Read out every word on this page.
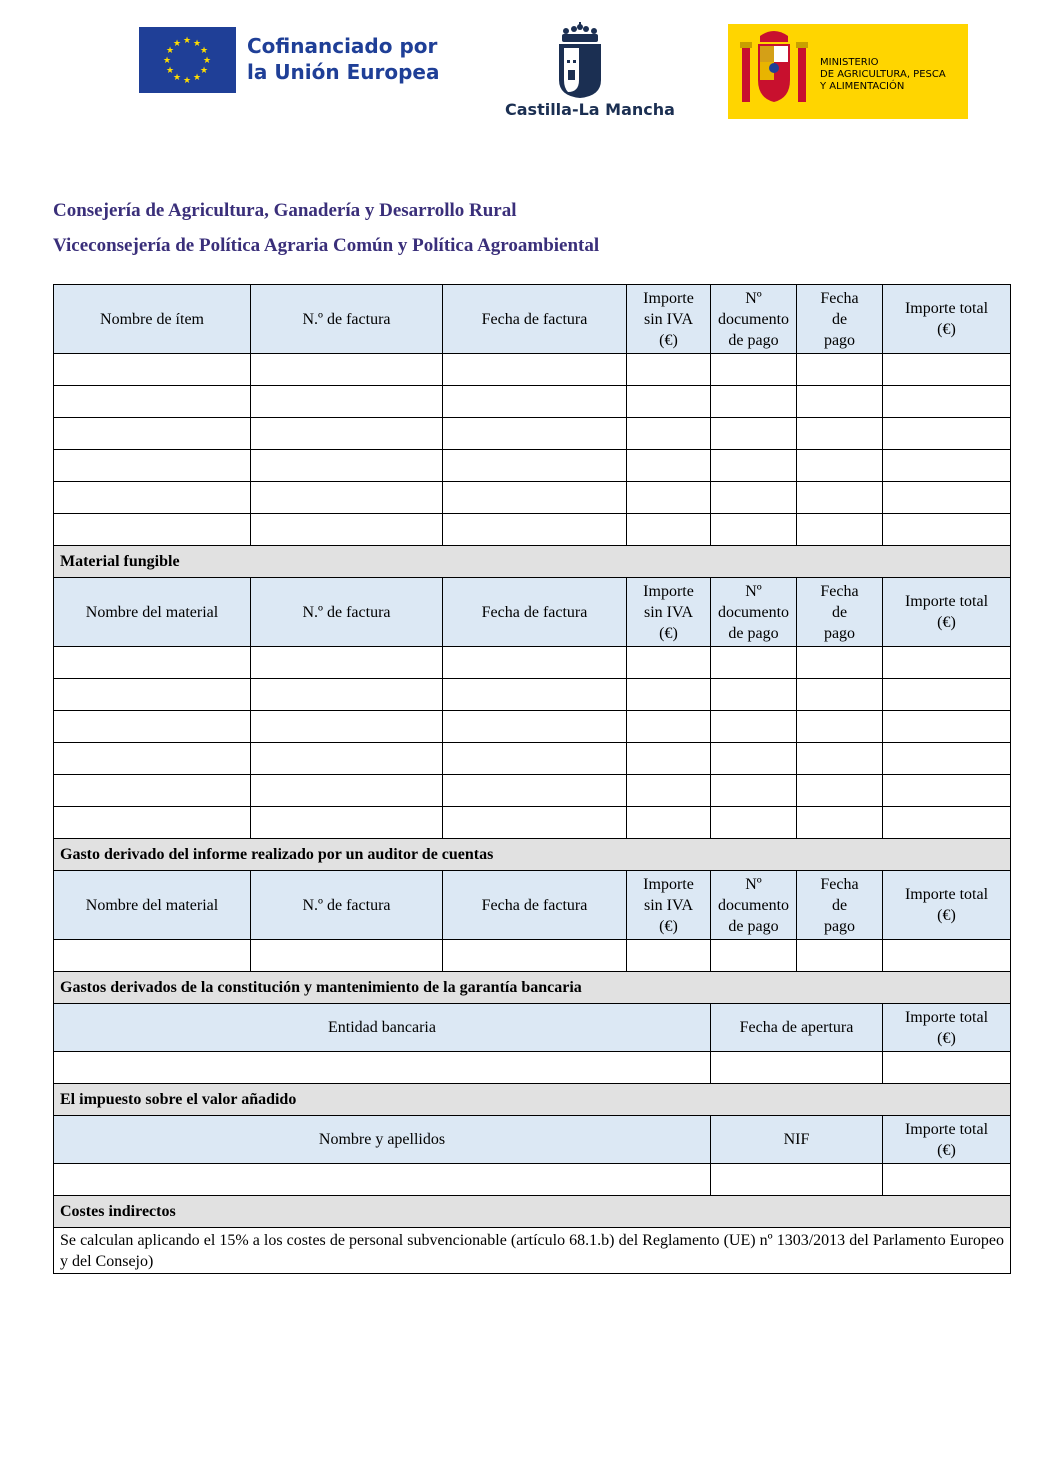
★ ★
★
★
★
★
★
★
★
★
★
★	Cofinanciado por
la Unión Europea
Castilla-La Mancha
MINISTERIO
DE AGRICULTURA, PESCA
Y ALIMENTACIÓN
Consejería de Agricultura, Ganadería y Desarrollo Rural
Viceconsejería de Política Agraria Común y Política Agroambiental
Nombre de ítem	N.º de factura	Fecha de factura	Importe
sin IVA
(€)	Nº
documento
de pago	Fecha
de
pago	Importe total
(€)

Material fungible						
Nombre del material	N.º de factura	Fecha de factura	Importe
sin IVA
(€)	Nº
documento
de pago	Fecha
de
pago	Importe total
(€)

Gasto derivado del informe realizado por un auditor de cuentas						
Nombre del material	N.º de factura	Fecha de factura	Importe
sin IVA
(€)	Nº
documento
de pago	Fecha
de
pago	Importe total
(€)

Gastos derivados de la constitución y mantenimiento de la garantía bancaria						
Entidad bancaria				Fecha de apertura		Importe total
(€)

El impuesto sobre el valor añadido						
Nombre y apellidos				NIF		Importe total
(€)

Costes indirectos						
Se calculan aplicando el 15% a los costes de personal subvencionable (artículo 68.1.b) del Reglamento (UE) nº 1303/2013 del Parlamento Europeo y del Consejo)						
